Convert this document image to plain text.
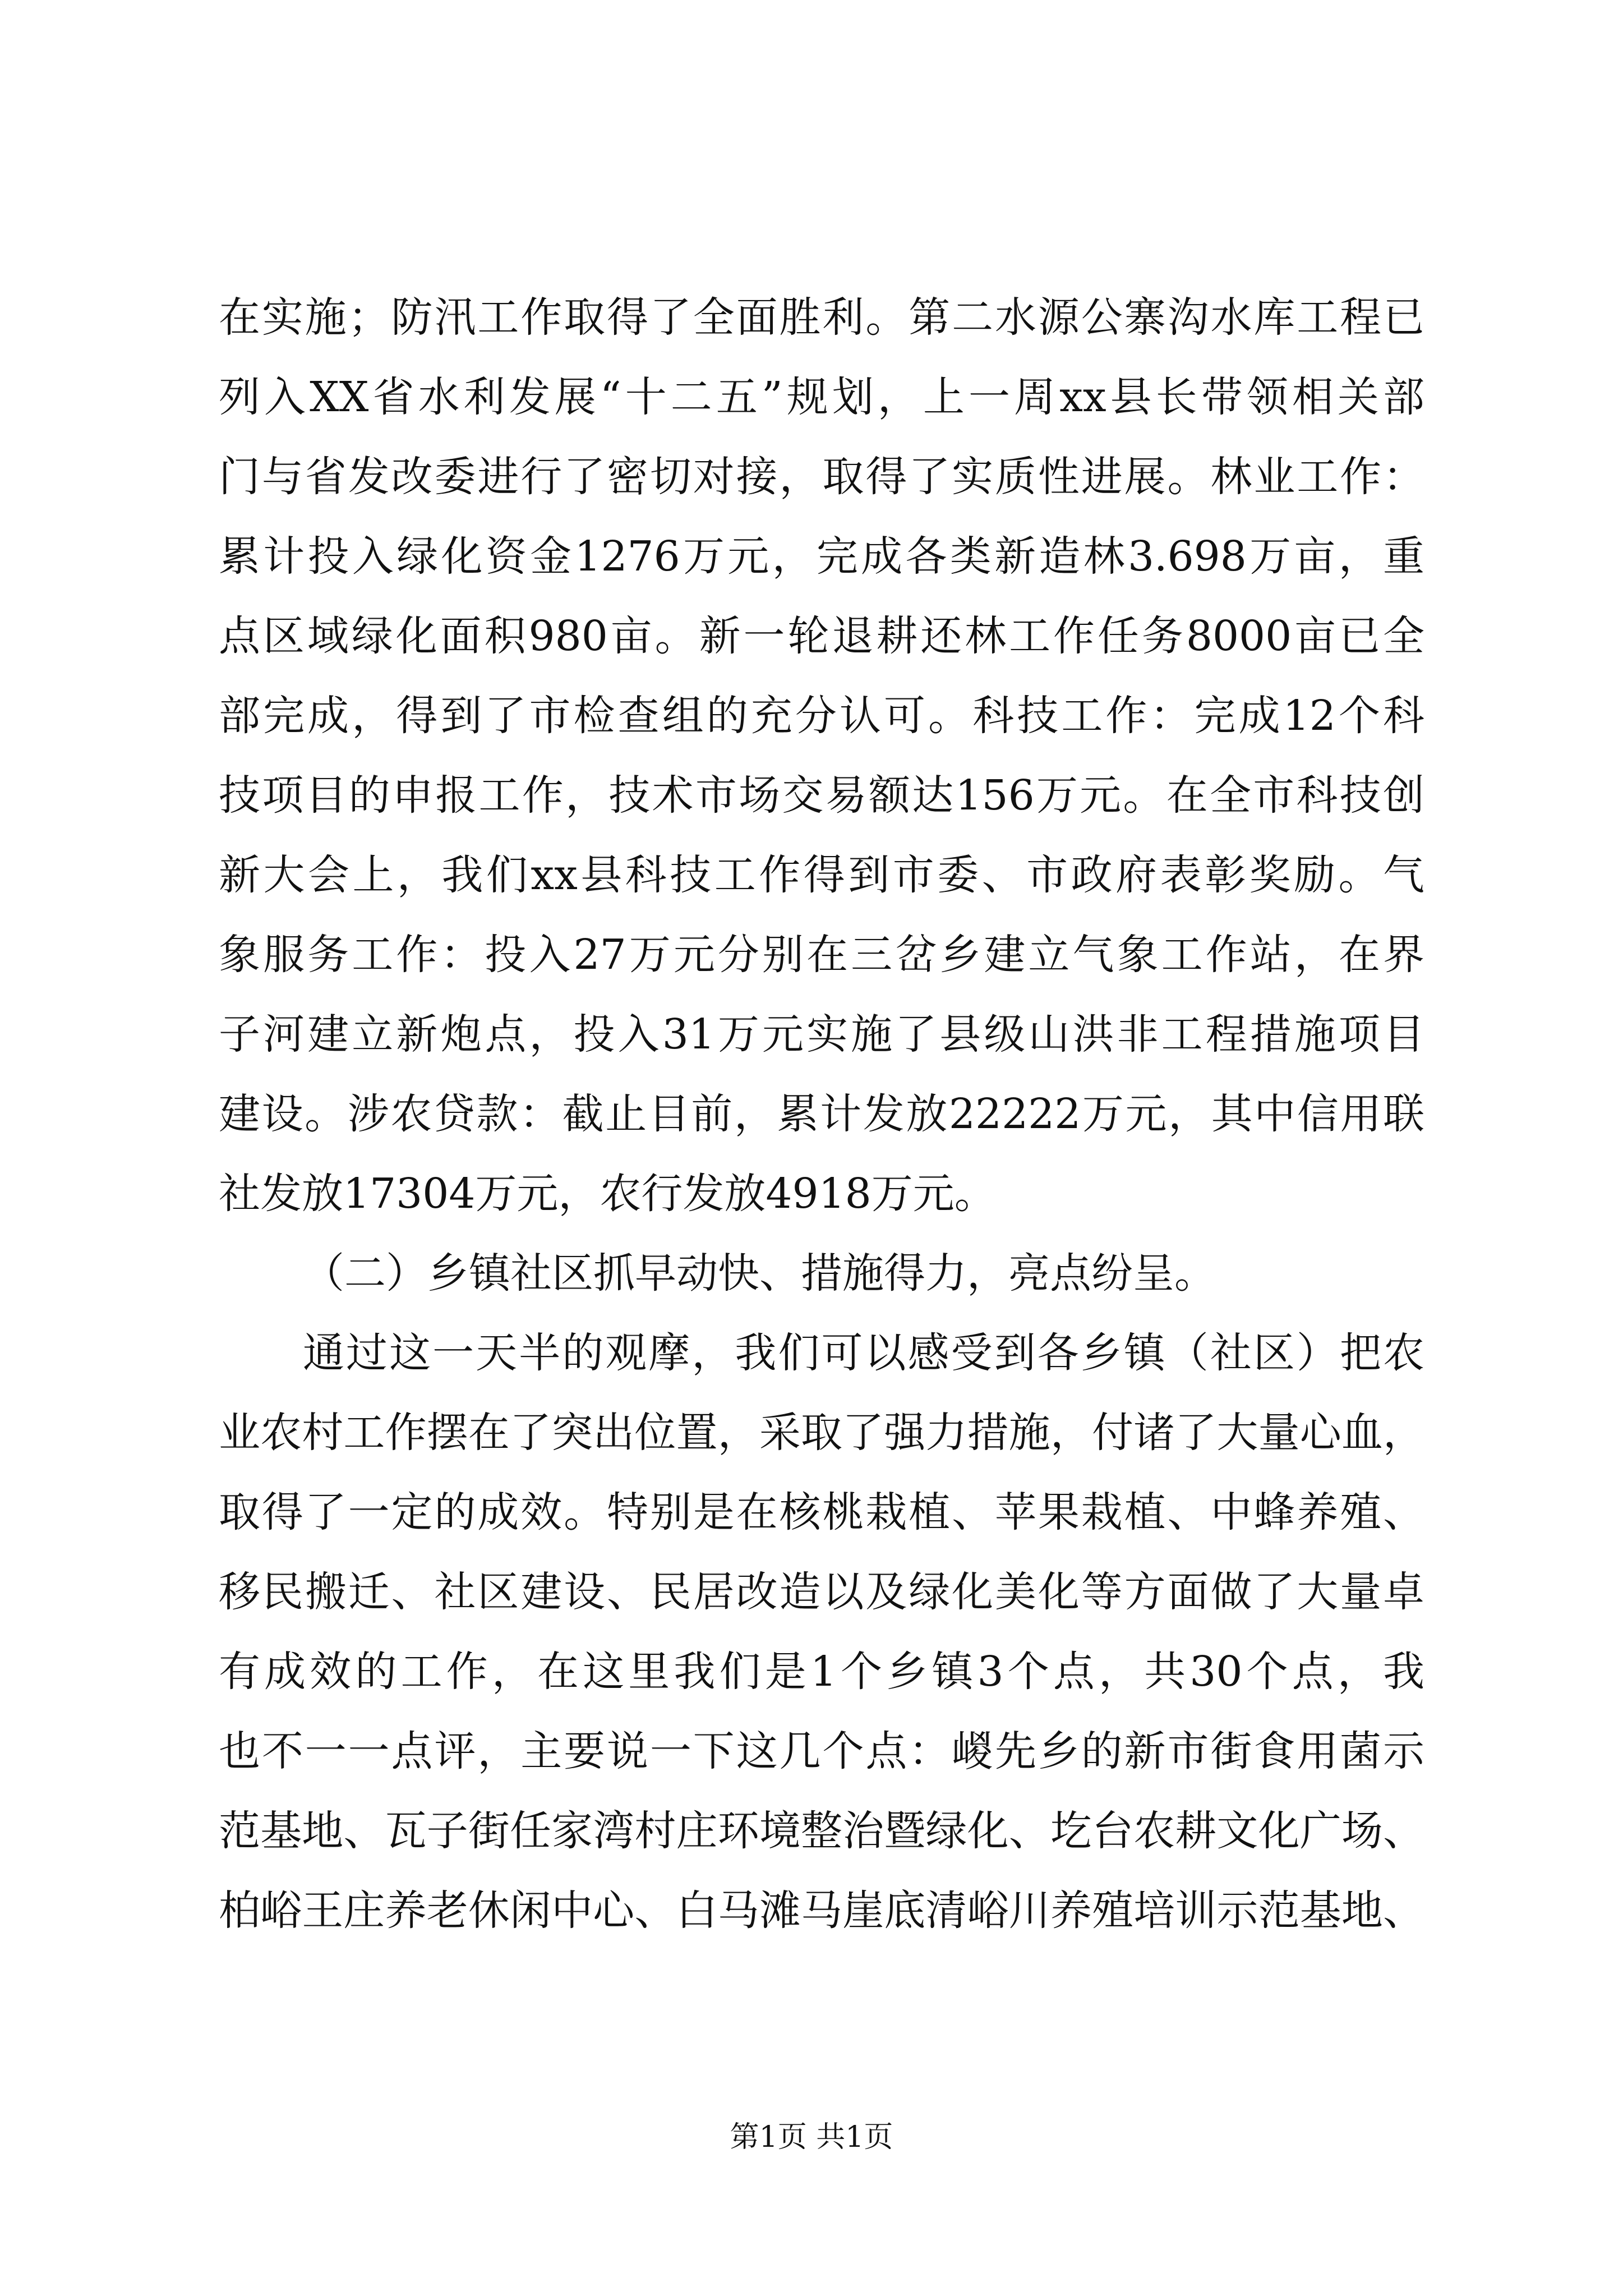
在实施；防汛工作取得了全面胜利。第二水源公寨沟水库工程已
列入XX省水利发展“十二五”规划，上一周xx县长带领相关部
门与省发改委进行了密切对接，取得了实质性进展。林业工作：
累计投入绿化资金1276万元，完成各类新造林3.698万亩，重
点区域绿化面积980亩。新一轮退耕还林工作任务8000亩已全
部完成，得到了市检查组的充分认可。科技工作：完成12个科
技项目的申报工作，技术市场交易额达156万元。在全市科技创
新大会上，我们xx县科技工作得到市委、市政府表彰奖励。气
象服务工作：投入27万元分别在三岔乡建立气象工作站，在界
子河建立新炮点，投入31万元实施了县级山洪非工程措施项目
建设。涉农贷款：截止目前，累计发放22222万元，其中信用联
社发放17304万元，农行发放4918万元。
（二）乡镇社区抓早动快、措施得力，亮点纷呈。
通过这一天半的观摩，我们可以感受到各乡镇（社区）把农
业农村工作摆在了突出位置，采取了强力措施，付诸了大量心血，
取得了一定的成效。特别是在核桃栽植、苹果栽植、中蜂养殖、
移民搬迁、社区建设、民居改造以及绿化美化等方面做了大量卓
有成效的工作，在这里我们是1个乡镇3个点，共30个点，我
也不一一点评，主要说一下这几个点：嵕先乡的新市街食用菌示
范基地、瓦子街任家湾村庄环境整治暨绿化、圪台农耕文化广场、
柏峪王庄养老休闲中心、白马滩马崖底清峪川养殖培训示范基地、
第1页 共1页
